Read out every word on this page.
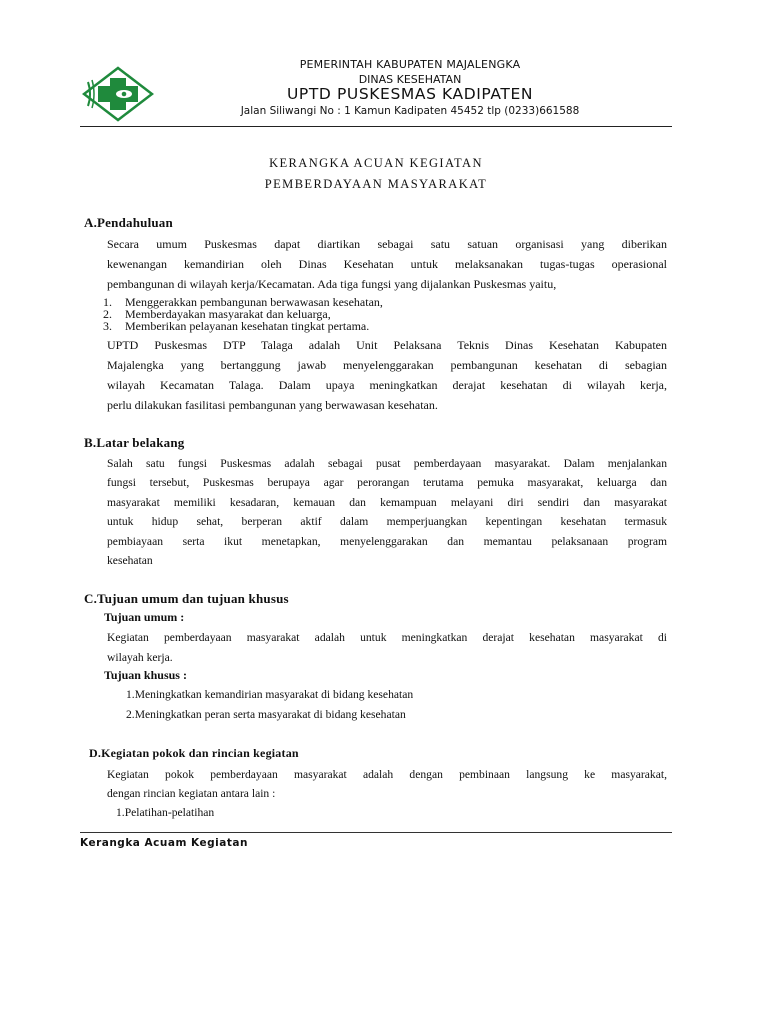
PEMERINTAH KABUPATEN MAJALENGKA
DINAS KESEHATAN
UPTD PUSKESMAS KADIPATEN
Jalan Siliwangi No : 1 Kamun Kadipaten 45452 tlp (0233)661588
KERANGKA ACUAN KEGIATAN
PEMBERDAYAAN MASYARAKAT
A.Pendahuluan
Secara umum Puskesmas dapat diartikan sebagai satu satuan organisasi yang diberikan
kewenangan kemandirian oleh Dinas Kesehatan untuk melaksanakan tugas-tugas operasional
pembangunan di wilayah kerja/Kecamatan. Ada tiga fungsi yang dijalankan Puskesmas yaitu,
1. Menggerakkan pembangunan berwawasan kesehatan,
2. Memberdayakan masyarakat dan keluarga,
3. Memberikan pelayanan kesehatan tingkat pertama.
UPTD Puskesmas DTP Talaga adalah Unit Pelaksana Teknis Dinas Kesehatan Kabupaten
Majalengka yang bertanggung jawab menyelenggarakan pembangunan kesehatan di sebagian
wilayah Kecamatan Talaga. Dalam upaya meningkatkan derajat kesehatan di wilayah kerja,
perlu dilakukan fasilitasi pembangunan yang berwawasan kesehatan.
B.Latar belakang
Salah satu fungsi Puskesmas adalah sebagai pusat pemberdayaan masyarakat. Dalam menjalankan
fungsi tersebut, Puskesmas berupaya agar perorangan terutama pemuka masyarakat, keluarga dan
masyarakat memiliki kesadaran, kemauan dan kemampuan melayani diri sendiri dan masyarakat
untuk hidup sehat, berperan aktif dalam memperjuangkan kepentingan kesehatan termasuk
pembiayaan serta ikut menetapkan, menyelenggarakan dan memantau pelaksanaan program
kesehatan
C.Tujuan umum dan tujuan khusus
Tujuan umum :
Kegiatan pemberdayaan masyarakat adalah untuk meningkatkan derajat kesehatan masyarakat di
wilayah kerja.
Tujuan khusus :
1.Meningkatkan kemandirian masyarakat di bidang kesehatan
2.Meningkatkan peran serta masyarakat di bidang kesehatan
D.Kegiatan pokok dan rincian kegiatan
Kegiatan pokok pemberdayaan masyarakat adalah dengan pembinaan langsung ke masyarakat,
dengan rincian kegiatan antara lain :
1.Pelatihan-pelatihan
Kerangka Acuam Kegiatan
